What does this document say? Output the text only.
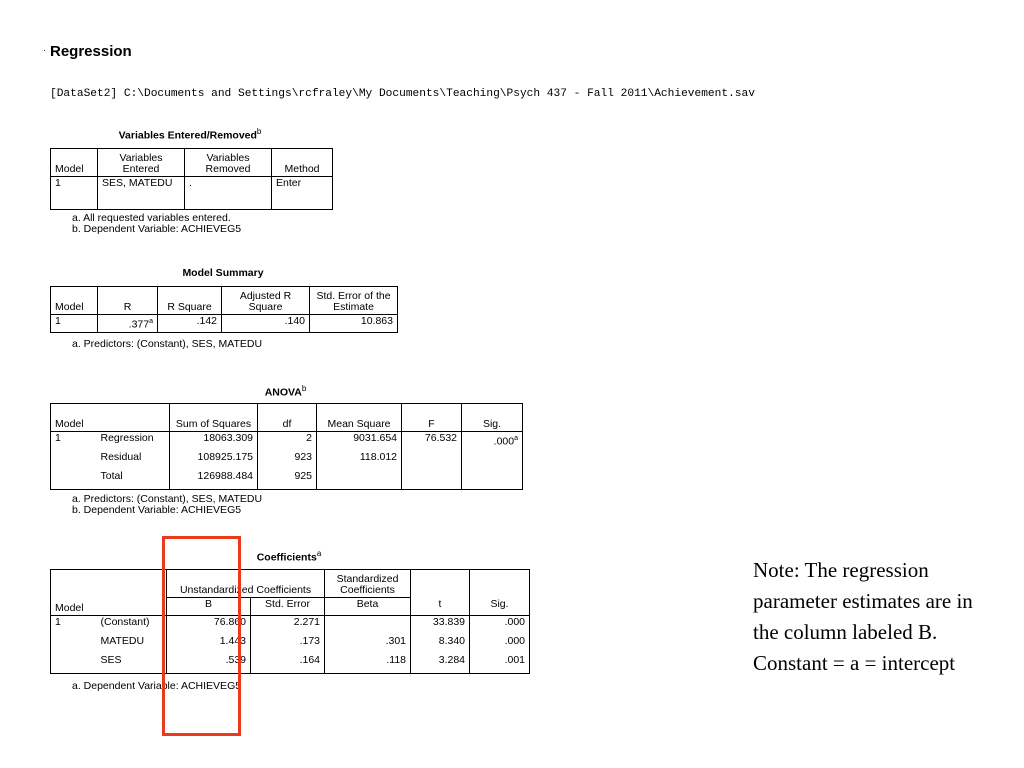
· Regression
[DataSet2] C:\Documents and Settings\rcfraley\My Documents\Teaching\Psych 437 - Fall 2011\Achievement.sav
Variables Entered/Removed$^b$
Model	Variables Entered	Variables Removed	Method
1	SES, MATEDU	.	Enter
a. All requested variables entered.
b. Dependent Variable: ACHIEVEG5
Model Summary
Model	R	R Square	Adjusted R Square	Std. Error of the Estimate
1	.377$^a$	.142	.140	10.863
a. Predictors: (Constant), SES, MATEDU
ANOVA$^b$
Model		Sum of Squares	df	Mean Square	F	Sig.
1	Regression	18063.309	2	9031.654	76.532	.000$^a$
	Residual	108925.175	923	118.012		
	Total	126988.484	925			
a. Predictors: (Constant), SES, MATEDU
b. Dependent Variable: ACHIEVEG5
Coefficients$^a$
		Unstandardized Coefficients		Standardized Coefficients		
Model		B	Std. Error	Beta	t	Sig.
1	(Constant)	76.860	2.271		33.839	.000
	MATEDU	1.443	.173	.301	8.340	.000
	SES	.539	.164	.118	3.284	.001
a. Dependent Variable: ACHIEVEG5
Note: The regression parameter estimates are in the column labeled B. Constant = a = intercept
